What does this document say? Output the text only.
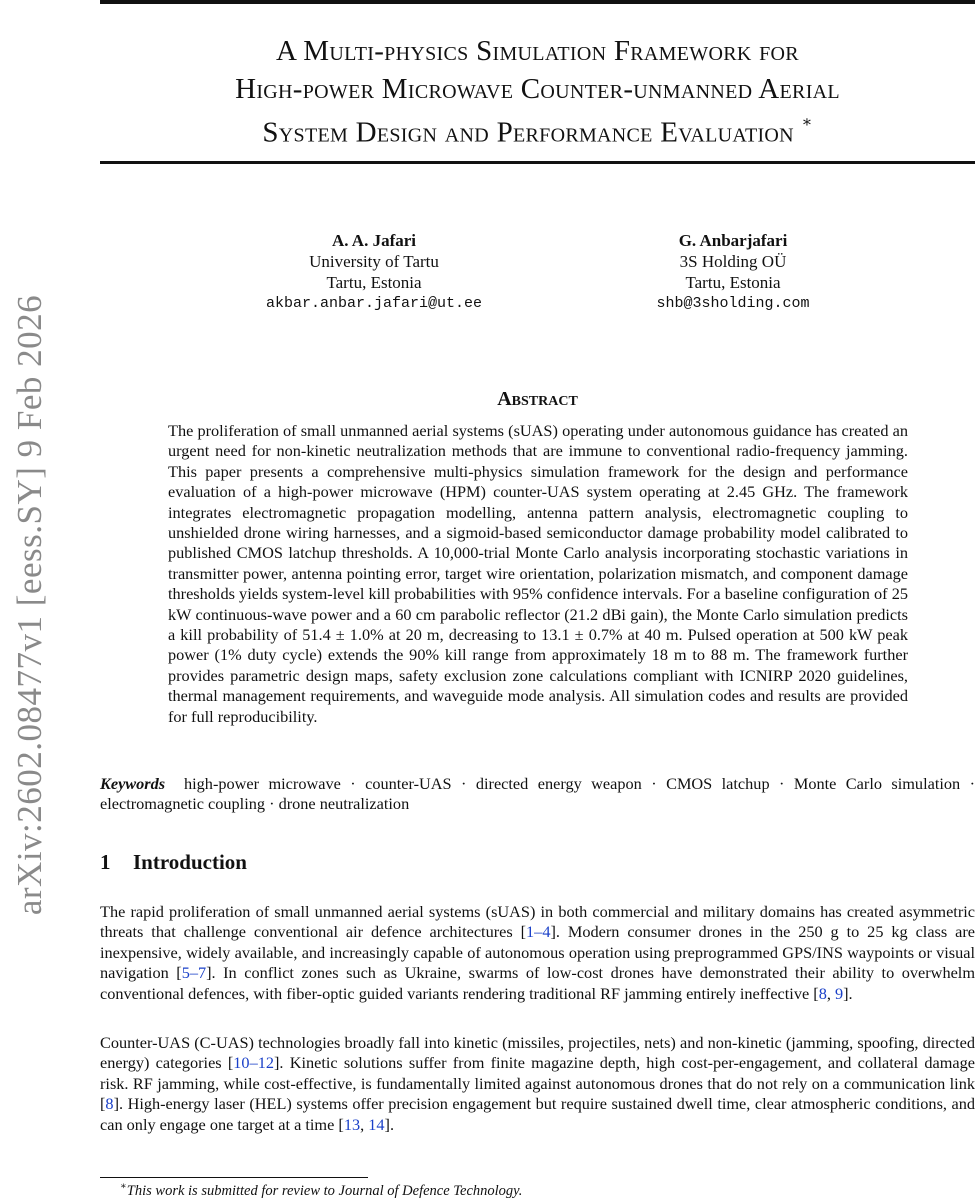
arXiv:2602.08477v1 [eess.SY] 9 Feb 2026
A Multi-physics Simulation Framework for
High-power Microwave Counter-unmanned Aerial
System Design and Performance Evaluation ∗
A. A. Jafari
University of Tartu
Tartu, Estonia
akbar.anbar.jafari@ut.ee
G. Anbarjafari
3S Holding OÜ
Tartu, Estonia
shb@3sholding.com
Abstract
The proliferation of small unmanned aerial systems (sUAS) operating under autonomous guidance has created an urgent need for non-kinetic neutralization methods that are immune to conventional radio-frequency jamming. This paper presents a comprehensive multi-physics simulation framework for the design and performance evaluation of a high-power microwave (HPM) counter-UAS system operating at 2.45 GHz. The framework integrates electromagnetic propagation modelling, antenna pattern analysis, electromagnetic coupling to unshielded drone wiring harnesses, and a sigmoid-based semiconductor damage probability model calibrated to published CMOS latchup thresholds. A 10,000-trial Monte Carlo analysis incorporating stochastic variations in transmitter power, antenna pointing error, target wire orientation, polarization mismatch, and component damage thresholds yields system-level kill probabilities with 95% confidence intervals. For a baseline configuration of 25 kW continuous-wave power and a 60 cm parabolic reflector (21.2 dBi gain), the Monte Carlo simulation predicts a kill probability of 51.4 ± 1.0% at 20 m, decreasing to 13.1 ± 0.7% at 40 m. Pulsed operation at 500 kW peak power (1% duty cycle) extends the 90% kill range from approximately 18 m to 88 m. The framework further provides parametric design maps, safety exclusion zone calculations compliant with ICNIRP 2020 guidelines, thermal management requirements, and waveguide mode analysis. All simulation codes and results are provided for full reproducibility.
Keywords high-power microwave · counter-UAS · directed energy weapon · CMOS latchup · Monte Carlo simulation · electromagnetic coupling · drone neutralization
1 Introduction
The rapid proliferation of small unmanned aerial systems (sUAS) in both commercial and military domains has created asymmetric threats that challenge conventional air defence architectures [1–4]. Modern consumer drones in the 250 g to 25 kg class are inexpensive, widely available, and increasingly capable of autonomous operation using preprogrammed GPS/INS waypoints or visual navigation [5–7]. In conflict zones such as Ukraine, swarms of low-cost drones have demonstrated their ability to overwhelm conventional defences, with fiber-optic guided variants rendering traditional RF jamming entirely ineffective [8, 9].
Counter-UAS (C-UAS) technologies broadly fall into kinetic (missiles, projectiles, nets) and non-kinetic (jamming, spoofing, directed energy) categories [10–12]. Kinetic solutions suffer from finite magazine depth, high cost-per-engagement, and collateral damage risk. RF jamming, while cost-effective, is fundamentally limited against autonomous drones that do not rely on a communication link [8]. High-energy laser (HEL) systems offer precision engagement but require sustained dwell time, clear atmospheric conditions, and can only engage one target at a time [13, 14].
∗This work is submitted for review to Journal of Defence Technology.
